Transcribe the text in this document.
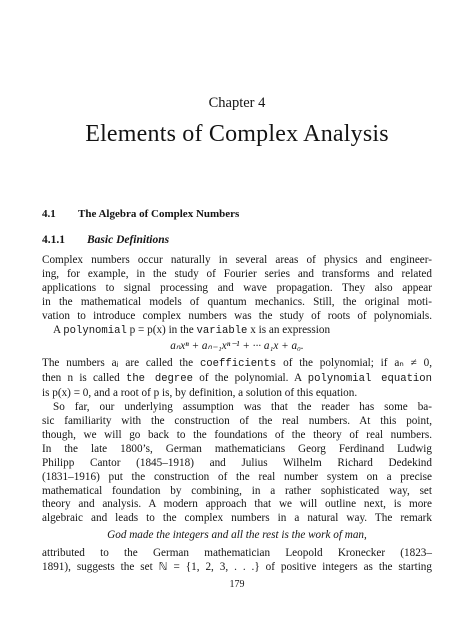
Chapter 4
Elements of Complex Analysis
4.1 The Algebra of Complex Numbers
4.1.1 Basic Definitions
Complex numbers occur naturally in several areas of physics and engineer-
ing, for example, in the study of Fourier series and transforms and related
applications to signal processing and wave propagation. They also appear
in the mathematical models of quantum mechanics. Still, the original moti-
vation to introduce complex numbers was the study of roots of polynomials.
A polynomial p = p(x) in the variable x is an expression
aₙxⁿ + aₙ₋₁xⁿ⁻¹ + ··· a₁x + a₀.
The numbers aⱼ are called the coefficients of the polynomial; if aₙ ≠ 0,
then n is called the degree of the polynomial. A polynomial equation
is p(x) = 0, and a root of p is, by definition, a solution of this equation.
So far, our underlying assumption was that the reader has some ba-
sic familiarity with the construction of the real numbers. At this point,
though, we will go back to the foundations of the theory of real numbers.
In the late 1800’s, German mathematicians Georg Ferdinand Ludwig
Philipp Cantor (1845–1918) and Julius Wilhelm Richard Dedekind
(1831–1916) put the construction of the real number system on a precise
mathematical foundation by combining, in a rather sophisticated way, set
theory and analysis. A modern approach that we will outline next, is more
algebraic and leads to the complex numbers in a natural way. The remark
God made the integers and all the rest is the work of man,
attributed to the German mathematician Leopold Kronecker (1823–
1891), suggests the set ℕ = {1, 2, 3, . . .} of positive integers as the starting
179
